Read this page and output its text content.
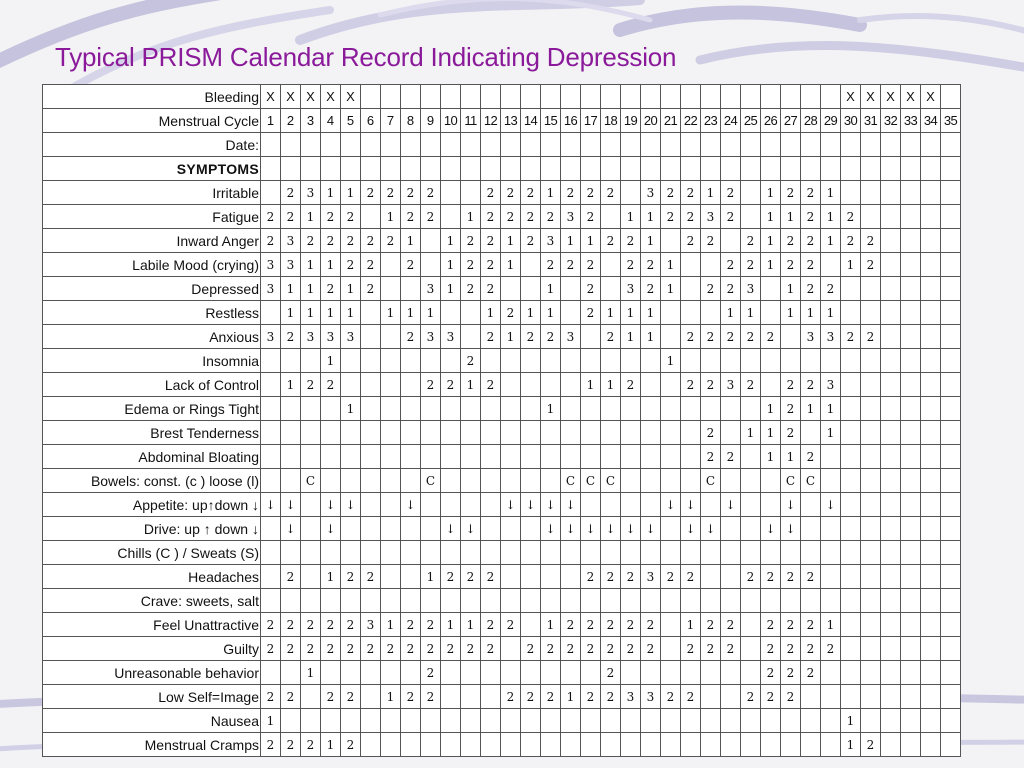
Typical PRISM Calendar Record Indicating Depression
Bleeding	X	X	X	X	X																									X	X	X	X	X	
Menstrual Cycle	1	2	3	4	5	6	7	8	9	10	11	12	13	14	15	16	17	18	19	20	21	22	23	24	25	26	27	28	29	30	31	32	33	34	35
Date:																																			
SYMPTOMS																																			
Irritable		2	3	1	1	2	2	2	2			2	2	2	1	2	2	2		3	2	2	1	2		1	2	2	1						
Fatigue	2	2	1	2	2		1	2	2		1	2	2	2	2	3	2		1	1	2	2	3	2		1	1	2	1	2					
Inward Anger	2	3	2	2	2	2	2	1		1	2	2	1	2	3	1	1	2	2	1		2	2		2	1	2	2	1	2	2				
Labile Mood (crying)	3	3	1	1	2	2		2		1	2	2	1		2	2	2		2	2	1			2	2	1	2	2		1	2				
Depressed	3	1	1	2	1	2			3	1	2	2			1		2		3	2	1		2	2	3		1	2	2						
Restless		1	1	1	1		1	1	1			1	2	1	1		2	1	1	1				1	1		1	1	1						
Anxious	3	2	3	3	3			2	3	3		2	1	2	2	3		2	1	1		2	2	2	2	2		3	3	2	2				
Insomnia				1							2										1														
Lack of Control		1	2	2					2	2	1	2					1	1	2			2	2	3	2		2	2	3						
Edema or Rings Tight					1										1											1	2	1	1						
Brest Tenderness																							2		1	1	2		1						
Abdominal Bloating																							2	2		1	1	2							
Bowels: const. (c ) loose (l)			C						C							C	C	C					C				C	C							
Appetite: up↑down ↓	↓	↓		↓	↓			↓					↓	↓	↓	↓					↓	↓		↓			↓		↓						
Drive: up ↑ down ↓		↓		↓						↓	↓				↓	↓	↓	↓	↓	↓		↓	↓			↓	↓								
Chills (C ) / Sweats (S)																																			
Headaches		2		1	2	2			1	2	2	2					2	2	2	3	2	2			2	2	2	2							
Crave: sweets, salt																																			
Feel Unattractive	2	2	2	2	2	3	1	2	2	1	1	2	2		1	2	2	2	2	2		1	2	2		2	2	2	1						
Guilty	2	2	2	2	2	2	2	2	2	2	2	2		2	2	2	2	2	2	2		2	2	2		2	2	2	2						
Unreasonable behavior			1						2									2								2	2	2							
Low Self=Image	2	2		2	2		1	2	2				2	2	2	1	2	2	3	3	2	2			2	2	2								
Nausea	1																													1					
Menstrual Cramps	2	2	2	1	2																									1	2				
